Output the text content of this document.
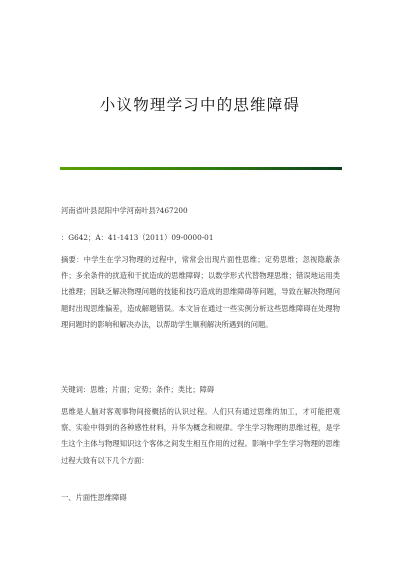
小议物理学习中的思维障碍
河南省叶县昆阳中学河南叶县?467200
：G642；A：41-1413（2011）09-0000-01
摘要：中学生在学习物理的过程中，常常会出现片面性思维；定势思维；忽视隐蔽条件；多余条件的扰造和干扰造成的思维障碍；以数学形式代替物理思维；错误地运用类比推理；因缺乏解决物理问题的技能和技巧造成的思维障碍等问题，导致在解决物理问题时出现思维偏差，造成解题错误。本文旨在通过一些实例分析这些思维障碍在处理物理问题时的影响和解决办法，以帮助学生顺利解决所遇到的问题。
关键词：思维；片面；定势；条件；类比；障碍
思维是人脑对客观事物间接概括的认识过程。人们只有通过思维的加工，才可能把观察、实验中得到的各种感性材料，升华为概念和规律。学生学习物理的思维过程，是学生这个主体与物理知识这个客体之间发生相互作用的过程。影响中学生学习物理的思维过程大致有以下几个方面：
一、片面性思维障碍
